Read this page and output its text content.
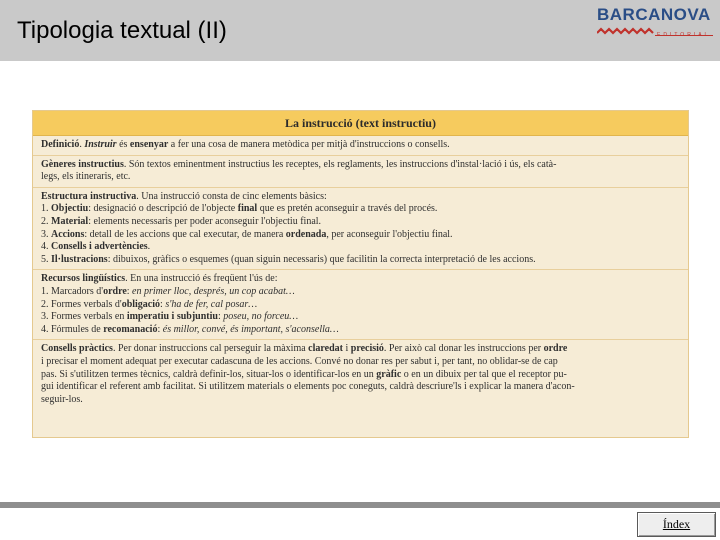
Tipologia textual (II)
BARCANOVA
EDITORIAL
La instrucció (text instructiu)
Definició. Instruir és ensenyar a fer una cosa de manera metòdica per mitjà d'instruccions o consells.
Gèneres instructius. Són textos eminentment instructius les receptes, els reglaments, les instruccions d'instal·lació i ús, els catà-
legs, els itineraris, etc.
Estructura instructiva. Una instrucció consta de cinc elements bàsics:
1. Objectiu: designació o descripció de l'objecte final que es pretén aconseguir a través del procés.
2. Material: elements necessaris per poder aconseguir l'objectiu final.
3. Accions: detall de les accions que cal executar, de manera ordenada, per aconseguir l'objectiu final.
4. Consells i advertències.
5. Il·lustracions: dibuixos, gràfics o esquemes (quan siguin necessaris) que facilitin la correcta interpretació de les accions.
Recursos lingüístics. En una instrucció és freqüent l'ús de:
1. Marcadors d'ordre: en primer lloc, després, un cop acabat…
2. Formes verbals d'obligació: s'ha de fer, cal posar…
3. Formes verbals en imperatiu i subjuntiu: poseu, no forceu…
4. Fórmules de recomanació: és millor, convé, és important, s'aconsella…
Consells pràctics. Per donar instruccions cal perseguir la màxima claredat i precisió. Per això cal donar les instruccions per ordre
i precisar el moment adequat per executar cadascuna de les accions. Convé no donar res per sabut i, per tant, no oblidar-se de cap
pas. Si s'utilitzen termes tècnics, caldrà definir-los, situar-los o identificar-los en un gràfic o en un dibuix per tal que el receptor pu-
gui identificar el referent amb facilitat. Si utilitzem materials o elements poc coneguts, caldrà descriure'ls i explicar la manera d'acon-
seguir-los.
Índex
